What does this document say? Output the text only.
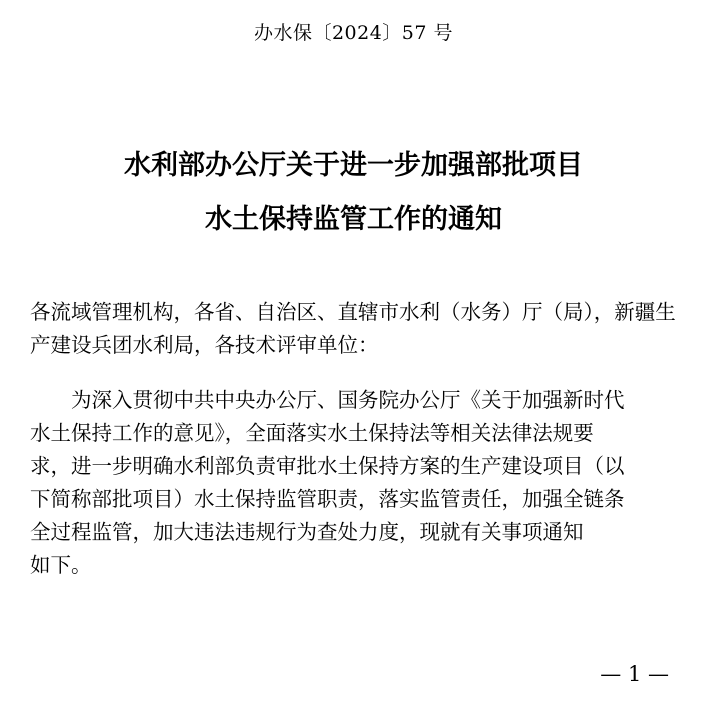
办水保〔2024〕57 号
水利部办公厅关于进一步加强部批项目
水土保持监管工作的通知
各流域管理机构，各省、自治区、直辖市水利（水务）厅（局），新疆生
产建设兵团水利局，各技术评审单位：
为深入贯彻中共中央办公厅、国务院办公厅《关于加强新时代
水土保持工作的意见》，全面落实水土保持法等相关法律法规要
求，进一步明确水利部负责审批水土保持方案的生产建设项目（以
下简称部批项目）水土保持监管职责，落实监管责任，加强全链条
全过程监管，加大违法违规行为查处力度，现就有关事项通知
如下。
— 1 —
